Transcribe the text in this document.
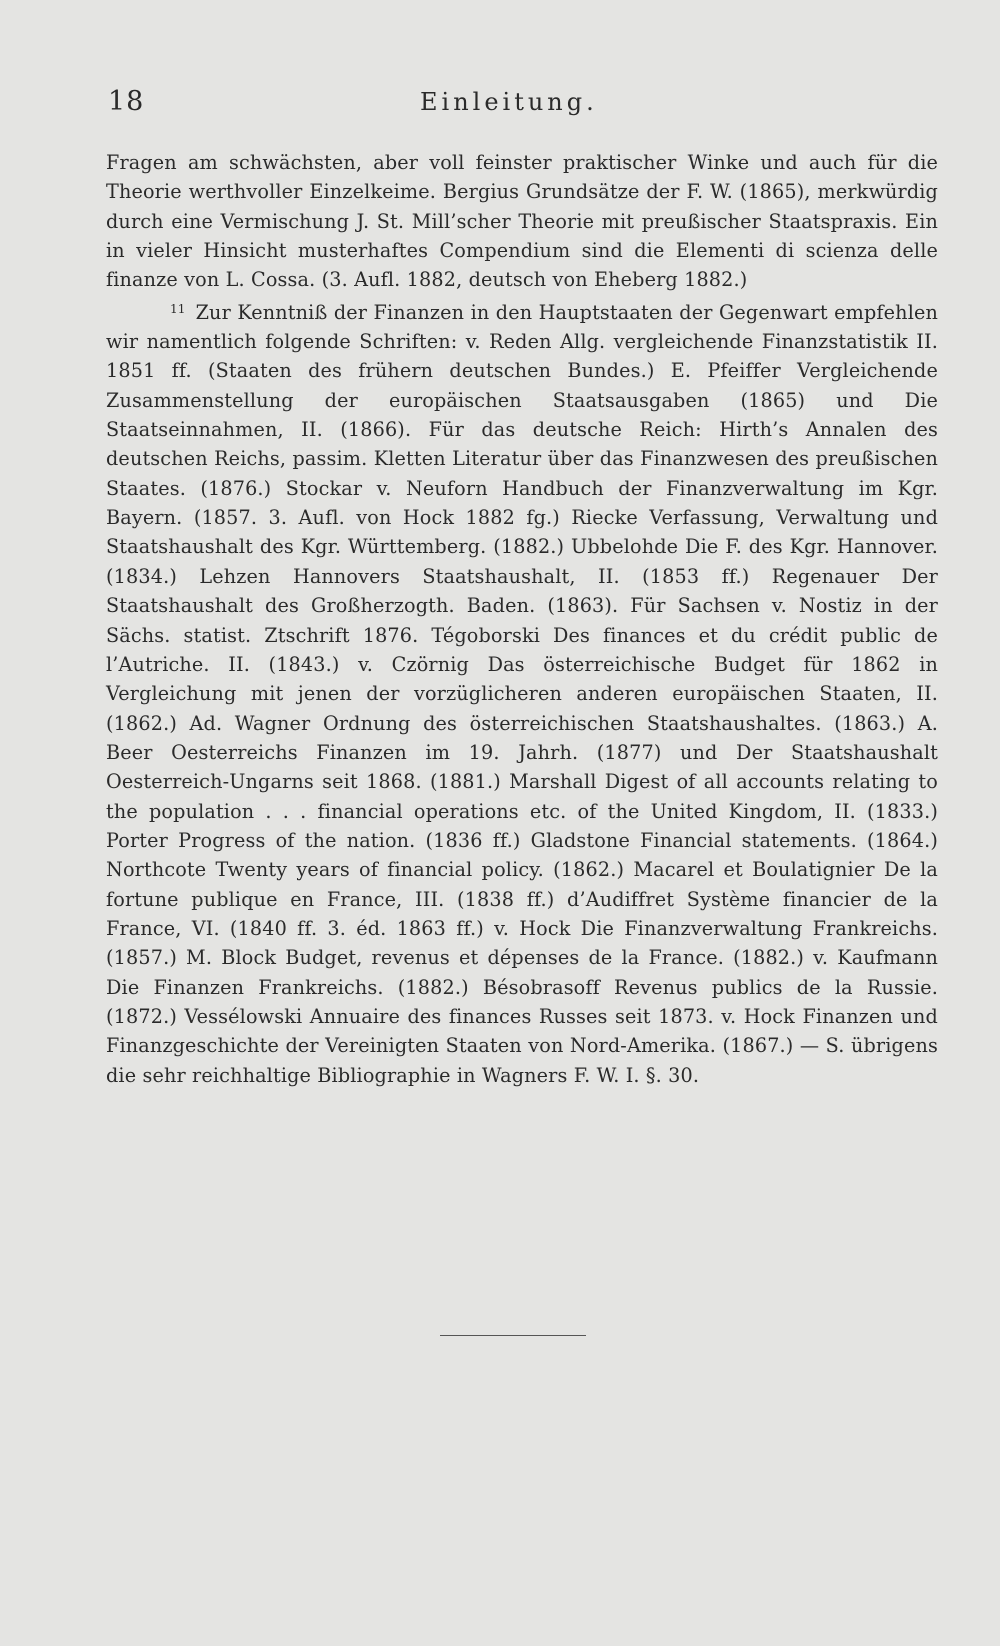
18	Einleitung.

Fragen am schwächsten, aber voll feinster praktischer Winke und auch für die Theorie werthvoller Einzelkeime. Bergius Grundsätze der F. W. (1865), merkwürdig durch eine Vermischung J. St. Mill’scher Theorie mit preußischer Staatspraxis. Ein in vieler Hinsicht musterhaftes Compendium sind die Elementi di scienza delle finanze von L. Cossa. (3. Aufl. 1882, deutsch von Eheberg 1882.)

$^{11}$ Zur Kenntniß der Finanzen in den Hauptstaaten der Gegenwart empfehlen wir namentlich folgende Schriften: v. Reden Allg. vergleichende Finanzstatistik II. 1851 ff. (Staaten des frühern deutschen Bundes.) E. Pfeiffer Vergleichende Zusammenstellung der europäischen Staatsausgaben (1865) und Die Staatseinnahmen, II. (1866). Für das deutsche Reich: Hirth’s Annalen des deutschen Reichs, passim. Kletten Literatur über das Finanzwesen des preußischen Staates. (1876.) Stockar v. Neuforn Handbuch der Finanzverwaltung im Kgr. Bayern. (1857. 3. Aufl. von Hock 1882 fg.) Riecke Verfassung, Verwaltung und Staatshaushalt des Kgr. Württemberg. (1882.) Ubbelohde Die F. des Kgr. Hannover. (1834.) Lehzen Hannovers Staatshaushalt, II. (1853 ff.) Regenauer Der Staatshaushalt des Großherzogth. Baden. (1863). Für Sachsen v. Nostiz in der Sächs. statist. Ztschrift 1876. Tégoborski Des finances et du crédit public de l’Autriche. II. (1843.) v. Czörnig Das österreichische Budget für 1862 in Vergleichung mit jenen der vorzüglicheren anderen europäischen Staaten, II. (1862.) Ad. Wagner Ordnung des österreichischen Staatshaushaltes. (1863.) A. Beer Oesterreichs Finanzen im 19. Jahrh. (1877) und Der Staatshaushalt Oesterreich-Ungarns seit 1868. (1881.) Marshall Digest of all accounts relating to the population . . . financial operations etc. of the United Kingdom, II. (1833.) Porter Progress of the nation. (1836 ff.) Gladstone Financial statements. (1864.) Northcote Twenty years of financial policy. (1862.) Macarel et Boulatignier De la fortune publique en France, III. (1838 ff.) d’Audiffret Système financier de la France, VI. (1840 ff. 3. éd. 1863 ff.) v. Hock Die Finanzverwaltung Frankreichs. (1857.) M. Block Budget, revenus et dépenses de la France. (1882.) v. Kaufmann Die Finanzen Frankreichs. (1882.) Bésobrasoff Revenus publics de la Russie. (1872.) Vessélowski Annuaire des finances Russes seit 1873. v. Hock Finanzen und Finanzgeschichte der Vereinigten Staaten von Nord-Amerika. (1867.) — S. übrigens die sehr reichhaltige Bibliographie in Wagners F. W. I. §. 30.
